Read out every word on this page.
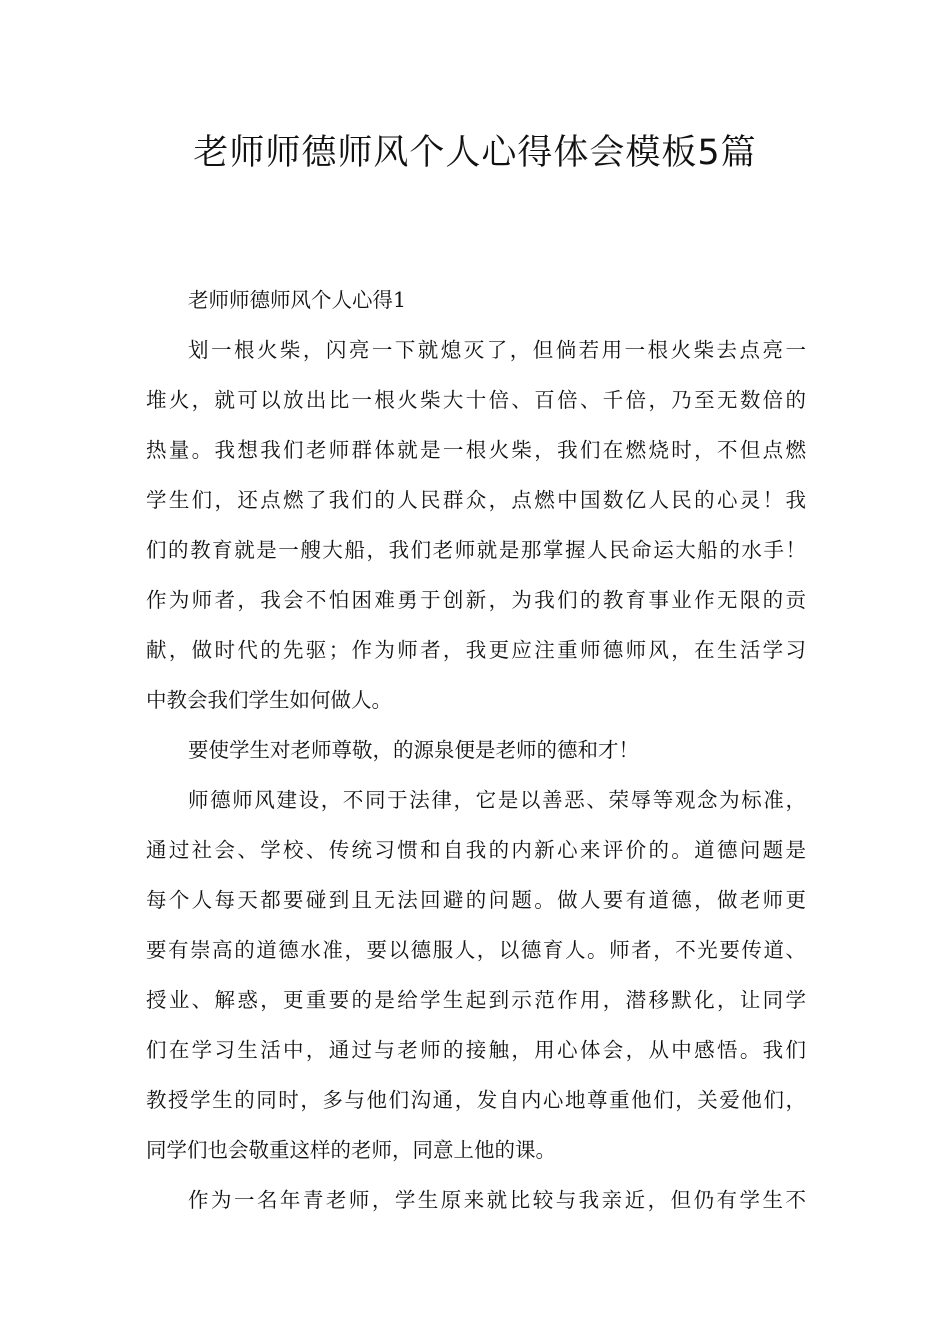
老师师德师风个人心得体会模板5篇
老师师德师风个人心得1
划一根火柴，闪亮一下就熄灭了，但倘若用一根火柴去点亮一
堆火，就可以放出比一根火柴大十倍、百倍、千倍，乃至无数倍的
热量。我想我们老师群体就是一根火柴，我们在燃烧时，不但点燃
学生们，还点燃了我们的人民群众，点燃中国数亿人民的心灵！我
们的教育就是一艘大船，我们老师就是那掌握人民命运大船的水手！
作为师者，我会不怕困难勇于创新，为我们的教育事业作无限的贡
献，做时代的先驱；作为师者，我更应注重师德师风，在生活学习
中教会我们学生如何做人。
要使学生对老师尊敬，的源泉便是老师的德和才！
师德师风建设，不同于法律，它是以善恶、荣辱等观念为标准，
通过社会、学校、传统习惯和自我的内新心来评价的。道德问题是
每个人每天都要碰到且无法回避的问题。做人要有道德，做老师更
要有崇高的道德水准，要以德服人，以德育人。师者，不光要传道、
授业、解惑，更重要的是给学生起到示范作用，潜移默化，让同学
们在学习生活中，通过与老师的接触，用心体会，从中感悟。我们
教授学生的同时，多与他们沟通，发自内心地尊重他们，关爱他们，
同学们也会敬重这样的老师，同意上他的课。
作为一名年青老师，学生原来就比较与我亲近，但仍有学生不
